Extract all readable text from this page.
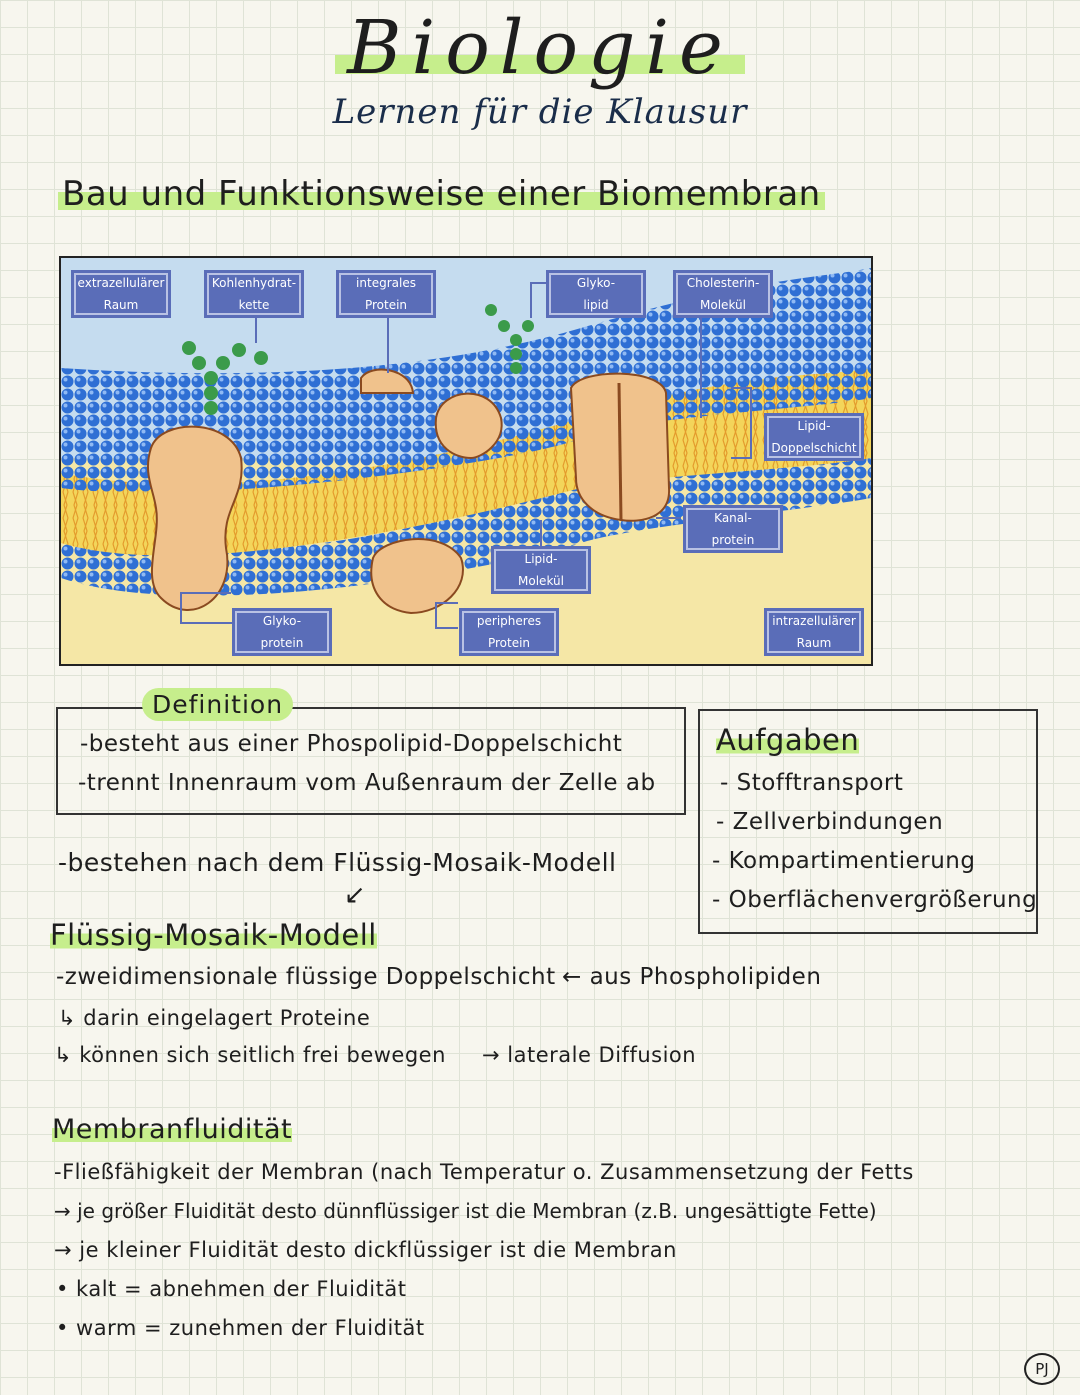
Biologie
Lernen für die Klausur
Bau und Funktionsweise einer Biomembran
extrazellulärer
Raum
Kohlenhydrat-
kette
integrales
Protein
Glyko-
lipid
Cholesterin-
Molekül
Lipid-
Doppelschicht
Kanal-
protein
Lipid-
Molekül
Glyko-
protein
peripheres
Protein
intrazellulärer
Raum
Definition
-besteht aus einer Phospolipid-Doppelschicht
-trennt Innenraum vom Außenraum der Zelle ab
Aufgaben
- Stofftransport
- Zellverbindungen
- Kompartimentierung
- Oberflächenvergrößerung
-bestehen nach dem Flüssig-Mosaik-Modell
↙
Flüssig-Mosaik-Modell
-zweidimensionale flüssige Doppelschicht ← aus Phospholipiden
↳ darin eingelagert Proteine
↳ können sich seitlich frei bewegen → laterale Diffusion
Membranfluidität
-Fließfähigkeit der Membran (nach Temperatur o. Zusammensetzung der Fetts
→ je größer Fluidität desto dünnflüssiger ist die Membran (z.B. ungesättigte Fette)
→ je kleiner Fluidität desto dickflüssiger ist die Membran
• kalt = abnehmen der Fluidität
• warm = zunehmen der Fluidität
PJ
